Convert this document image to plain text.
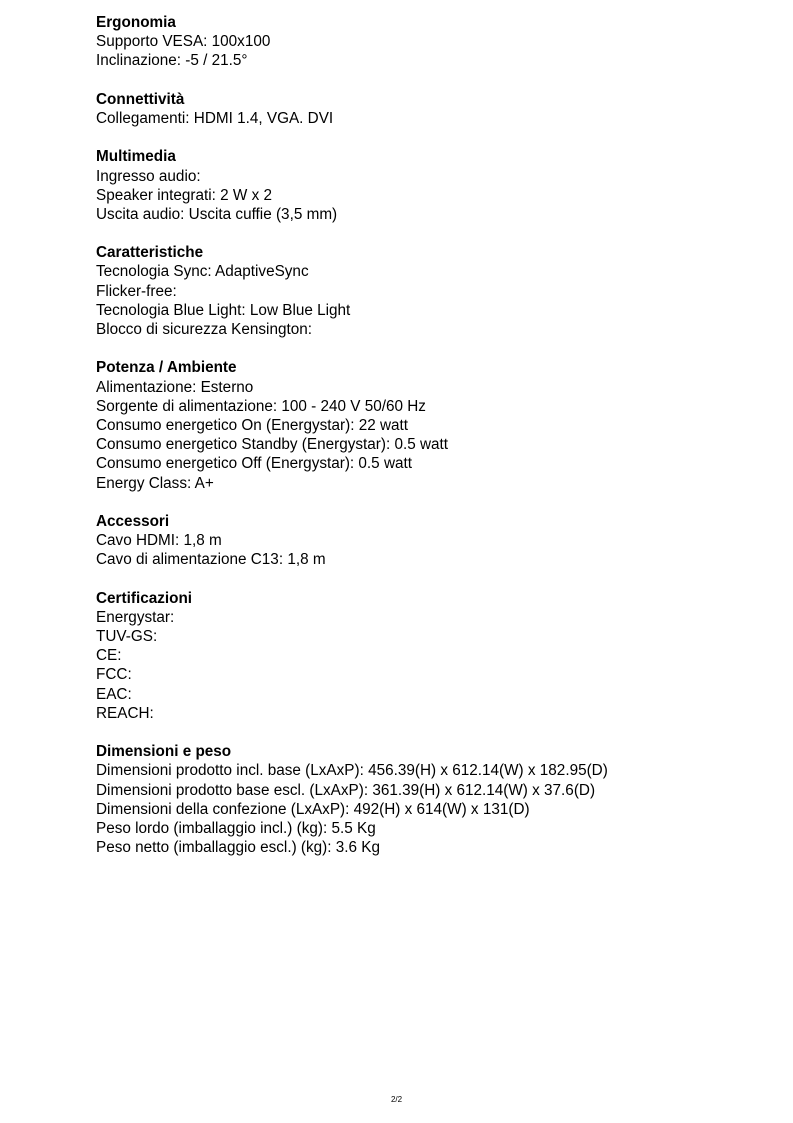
Ergonomia
Supporto VESA: 100x100
Inclinazione: -5 / 21.5°
Connettività
Collegamenti: HDMI 1.4, VGA. DVI
Multimedia
Ingresso audio:
Speaker integrati: 2 W x 2
Uscita audio: Uscita cuffie (3,5 mm)
Caratteristiche
Tecnologia Sync: AdaptiveSync
Flicker-free:
Tecnologia Blue Light: Low Blue Light
Blocco di sicurezza Kensington:
Potenza / Ambiente
Alimentazione: Esterno
Sorgente di alimentazione: 100 - 240 V 50/60 Hz
Consumo energetico On (Energystar): 22 watt
Consumo energetico Standby (Energystar): 0.5 watt
Consumo energetico Off (Energystar): 0.5 watt
Energy Class: A+
Accessori
Cavo HDMI: 1,8 m
Cavo di alimentazione C13: 1,8 m
Certificazioni
Energystar:
TUV-GS:
CE:
FCC:
EAC:
REACH:
Dimensioni e peso
Dimensioni prodotto incl. base (LxAxP): 456.39(H) x 612.14(W) x 182.95(D)
Dimensioni prodotto base escl. (LxAxP): 361.39(H) x 612.14(W) x 37.6(D)
Dimensioni della confezione (LxAxP): 492(H) x 614(W) x 131(D)
Peso lordo (imballaggio incl.) (kg): 5.5 Kg
Peso netto (imballaggio escl.) (kg): 3.6 Kg
2/2
